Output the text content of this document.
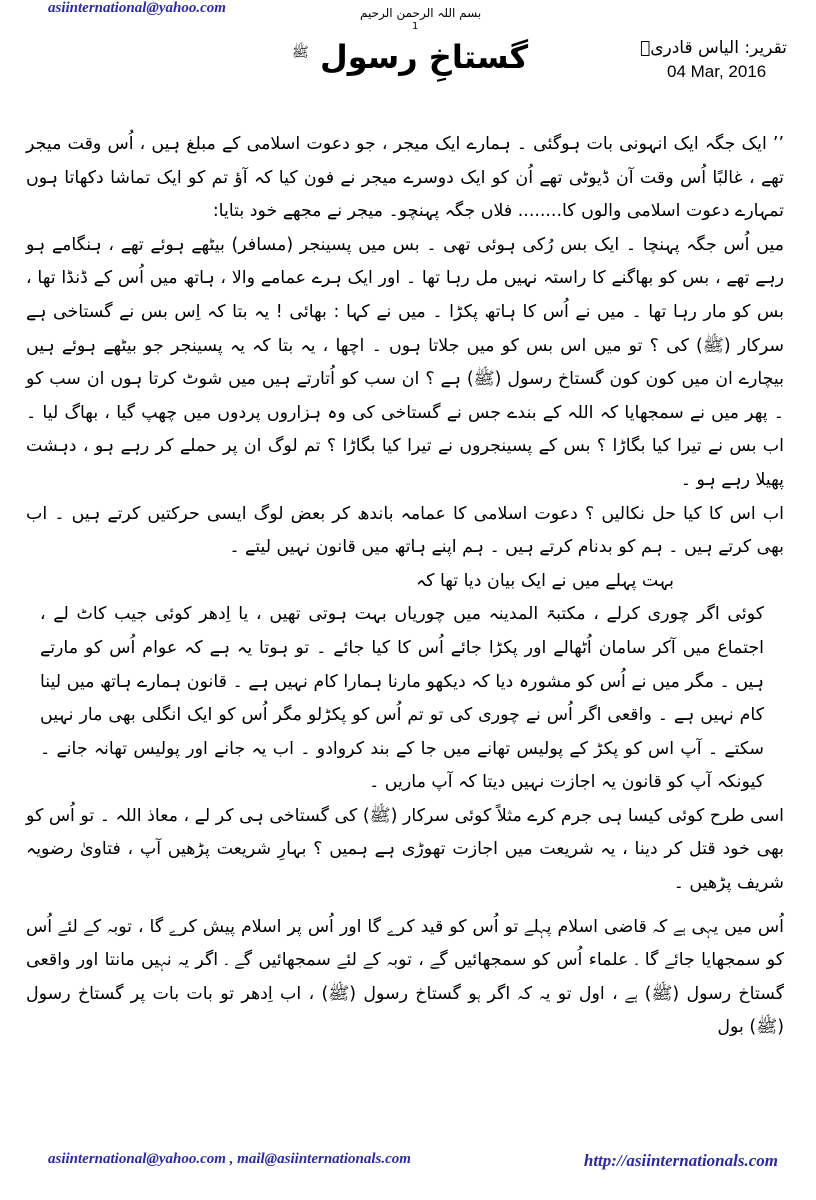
asiinternational@yahoo.com	بسم اللہ الرحمن الرحیم
1
تقریر: الیاس قادریؒ
04 Mar, 2016
گستاخِ رسول $^ﷺ$

’’ ایک جگہ ایک انہونی بات ہوگئی ۔ ہمارے ایک میجر ، جو دعوت اسلامی کے مبلغ ہیں ، اُس وقت میجر تھے ، غالبًا اُس وقت آن ڈیوٹی تھے اُن کو ایک دوسرے میجر نے فون کیا کہ آؤ تم کو ایک تماشا دکھاتا ہوں تمہارے دعوت اسلامی والوں کا........ فلاں جگہ پہنچو۔ میجر نے مجھے خود بتایا:

میں اُس جگہ پہنچا ۔ ایک بس رُکی ہوئی تھی ۔ بس میں پسینجر (مسافر) بیٹھے ہوئے تھے ، ہنگامے ہو رہے تھے ، بس کو بھاگنے کا راستہ نہیں مل رہا تھا ۔ اور ایک ہرے عمامے والا ، ہاتھ میں اُس کے ڈنڈا تھا ، بس کو مار رہا تھا ۔ میں نے اُس کا ہاتھ پکڑا ۔ میں نے کہا : بھائی ! یہ بتا کہ اِس بس نے گستاخی ہے سرکار (ﷺ) کی ؟ تو میں اس بس کو میں جلاتا ہوں ۔ اچھا ، یہ بتا کہ یہ پسینجر جو بیٹھے ہوئے ہیں بیچارے ان میں کون کون گستاخ رسول (ﷺ) ہے ؟ ان سب کو اُتارتے ہیں میں شوٹ کرتا ہوں ان سب کو ۔ پھر میں نے سمجھایا کہ اللہ کے بندے جس نے گستاخی کی وہ ہزاروں پردوں میں چھپ گیا ، بھاگ لیا ۔ اب بس نے تیرا کیا بگاڑا ؟ بس کے پسینجروں نے تیرا کیا بگاڑا ؟ تم لوگ ان پر حملے کر رہے ہو ، دہشت پھیلا رہے ہو ۔

اب اس کا کیا حل نکالیں ؟ دعوت اسلامی کا عمامہ باندھ کر بعض لوگ ایسی حرکتیں کرتے ہیں ۔ اب بھی کرتے ہیں ۔ ہم کو بدنام کرتے ہیں ۔ ہم اپنے ہاتھ میں قانون نہیں لیتے ۔

بہت پہلے میں نے ایک بیان دیا تھا کہ

کوئی اگر چوری کرلے ، مکتبۃ المدینہ میں چوریاں بہت ہوتی تھیں ، یا اِدھر کوئی جیب کاٹ لے ، اجتماع میں آکر سامان اُٹھالے اور پکڑا جائے اُس کا کیا جائے ۔ تو ہوتا یہ ہے کہ عوام اُس کو مارتے ہیں ۔ مگر میں نے اُس کو مشورہ دیا کہ دیکھو مارنا ہمارا کام نہیں ہے ۔ قانون ہمارے ہاتھ میں لینا کام نہیں ہے ۔ واقعی اگر اُس نے چوری کی تو تم اُس کو پکڑلو مگر اُس کو ایک انگلی بھی مار نہیں سکتے ۔ آپ اس کو پکڑ کے پولیس تھانے میں جا کے بند کروادو ۔ اب یہ جانے اور پولیس تھانہ جانے ۔ کیونکہ آپ کو قانون یہ اجازت نہیں دیتا کہ آپ ماریں ۔

اسی طرح کوئی کیسا ہی جرم کرے مثلاً کوئی سرکار (ﷺ) کی گستاخی ہی کر لے ، معاذ اللہ ۔ تو اُس کو بھی خود قتل کر دینا ، یہ شریعت میں اجازت تھوڑی ہے ہمیں ؟ بہارِ شریعت پڑھیں آپ ، فتاویٰ رضویہ شریف پڑھیں ۔

اُس میں یہی ہے کہ قاضی اسلام پہلے تو اُس کو قید کرے گا اور اُس پر اسلام پیش کرے گا ، توبہ کے لئے اُس کو سمجھایا جائے گا ۔ علماء اُس کو سمجھائیں گے ، توبہ کے لئے سمجھائیں گے ۔ اگر یہ نہیں مانتا اور واقعی گستاخ رسول (ﷺ) ہے ، اول تو یہ کہ اگر ہو گستاخ رسول (ﷺ) ، اب اِدھر تو بات بات پر گستاخ رسول (ﷺ) بول

asiinternational@yahoo.com , mail@asiinternationals.com	http://asiinternationals.com
